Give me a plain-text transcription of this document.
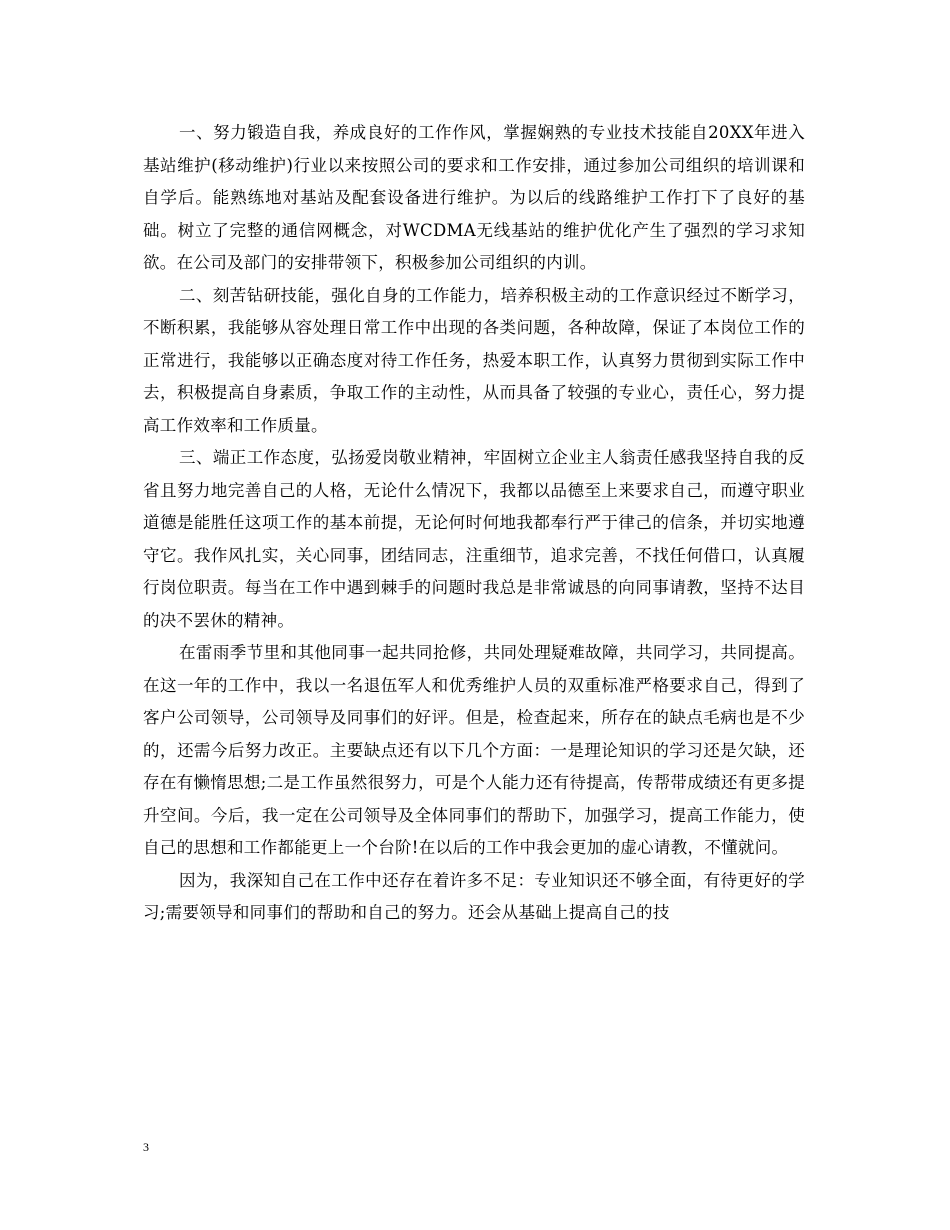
一、努力锻造自我，养成良好的工作作风，掌握娴熟的专业技术技能自20XX年进入基站维护(移动维护)行业以来按照公司的要求和工作安排，通过参加公司组织的培训课和自学后。能熟练地对基站及配套设备进行维护。为以后的线路维护工作打下了良好的基础。树立了完整的通信网概念，对WCDMA无线基站的维护优化产生了强烈的学习求知欲。在公司及部门的安排带领下，积极参加公司组织的内训。

二、刻苦钻研技能，强化自身的工作能力，培养积极主动的工作意识经过不断学习，不断积累，我能够从容处理日常工作中出现的各类问题，各种故障，保证了本岗位工作的正常进行，我能够以正确态度对待工作任务，热爱本职工作，认真努力贯彻到实际工作中去，积极提高自身素质，争取工作的主动性，从而具备了较强的专业心，责任心，努力提高工作效率和工作质量。

三、端正工作态度，弘扬爱岗敬业精神，牢固树立企业主人翁责任感我坚持自我的反省且努力地完善自己的人格，无论什么情况下，我都以品德至上来要求自己，而遵守职业道德是能胜任这项工作的基本前提，无论何时何地我都奉行严于律己的信条，并切实地遵守它。我作风扎实，关心同事，团结同志，注重细节，追求完善，不找任何借口，认真履行岗位职责。每当在工作中遇到棘手的问题时我总是非常诚恳的向同事请教，坚持不达目的决不罢休的精神。

在雷雨季节里和其他同事一起共同抢修，共同处理疑难故障，共同学习，共同提高。在这一年的工作中，我以一名退伍军人和优秀维护人员的双重标准严格要求自己，得到了客户公司领导，公司领导及同事们的好评。但是，检查起来，所存在的缺点毛病也是不少的，还需今后努力改正。主要缺点还有以下几个方面：一是理论知识的学习还是欠缺，还存在有懒惰思想;二是工作虽然很努力，可是个人能力还有待提高，传帮带成绩还有更多提升空间。今后，我一定在公司领导及全体同事们的帮助下，加强学习，提高工作能力，使自己的思想和工作都能更上一个台阶!在以后的工作中我会更加的虚心请教，不懂就问。

因为，我深知自己在工作中还存在着许多不足：专业知识还不够全面，有待更好的学习;需要领导和同事们的帮助和自己的努力。还会从基础上提高自己的技

3
